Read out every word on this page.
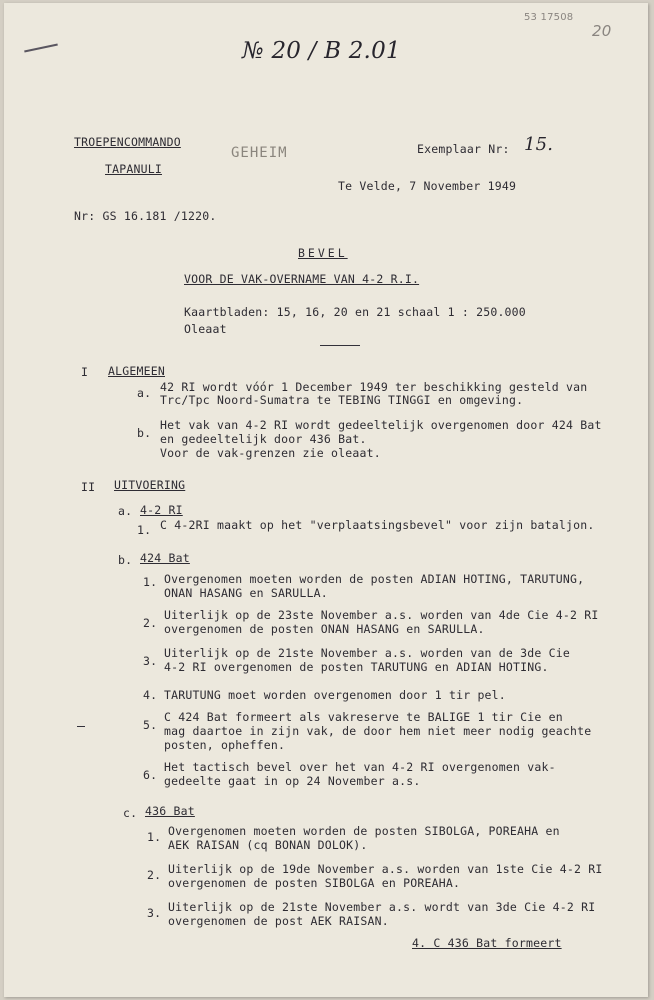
53 17508
20
№ 20 / B 2.01
TROEPENCOMMANDO
TAPANULI
GEHEIM	Exemplaar Nr: 15.
Te Velde, 7 November 1949
Nr: GS 16.181 /1220.
BEVEL
VOOR DE VAK-OVERNAME VAN 4-2 R.I.
Kaartbladen: 15, 16, 20 en 21 schaal 1 : 250.000
Oleaat
I ALGEMEEN
a. 42 RI wordt vóór 1 December 1949 ter beschikking gesteld van
Trc/Tpc Noord-Sumatra te TEBING TINGGI en omgeving.
b.
Het vak van 4-2 RI wordt gedeeltelijk overgenomen door 424 Bat
en gedeeltelijk door 436 Bat.
Voor de vak-grenzen zie oleaat.
II UITVOERING
a. 4-2 RI
1. C 4-2RI maakt op het "verplaatsingsbevel" voor zijn bataljon.
b. 424 Bat
1. Overgenomen moeten worden de posten ADIAN HOTING, TARUTUNG,
ONAN HASANG en SARULLA.
2.
Uiterlijk op de 23ste November a.s. worden van 4de Cie 4-2 RI
overgenomen de posten ONAN HASANG en SARULLA.
3.
Uiterlijk op de 21ste November a.s. worden van de 3de Cie
4-2 RI overgenomen de posten TARUTUNG en ADIAN HOTING.
4. TARUTUNG moet worden overgenomen door 1 tir pel.
5.
C 424 Bat formeert als vakreserve te BALIGE 1 tir Cie en
mag daartoe in zijn vak, de door hem niet meer nodig geachte
posten, opheffen.
6.
Het tactisch bevel over het van 4-2 RI overgenomen vak-
gedeelte gaat in op 24 November a.s.
c. 436 Bat
1. Overgenomen moeten worden de posten SIBOLGA, POREAHA en
AEK RAISAN (cq BONAN DOLOK).
2. Uiterlijk op de 19de November a.s. worden van 1ste Cie 4-2 RI
overgenomen de posten SIBOLGA en POREAHA.
3. Uiterlijk op de 21ste November a.s. wordt van 3de Cie 4-2 RI
overgenomen de post AEK RAISAN.
4. C 436 Bat formeert
